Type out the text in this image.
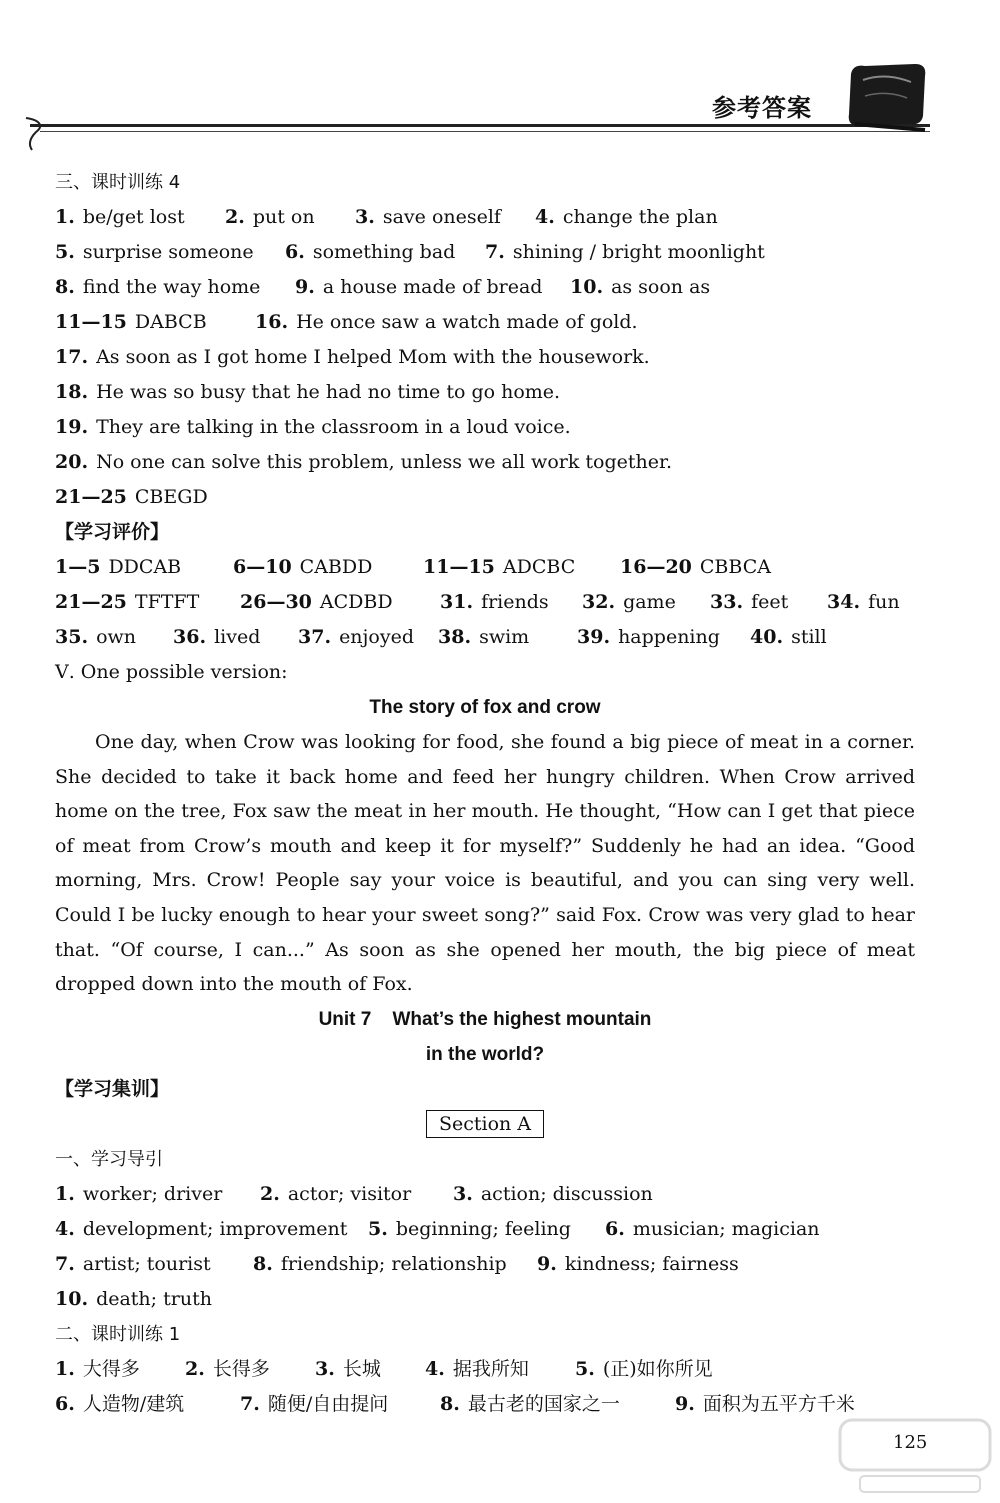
参考答案
三、课时训练 4
1. be/get lost 2. put on 3. save oneself 4. change the plan
5. surprise someone 6. something bad 7. shining / bright moonlight
8. find the way home 9. a house made of bread 10. as soon as
11—15 DABCB	16. He once saw a watch made of gold.
17. As soon as I got home I helped Mom with the housework.
18. He was so busy that he had no time to go home.
19. They are talking in the classroom in a loud voice.
20. No one can solve this problem, unless we all work together.
21—25 CBEGD
【学习评价】
1—5 DDCAB	6—10 CABDD	11—15 ADCBC 16—20 CBBCA
21—25 TFTFT 26—30 ACDBD 31. friends 32. game 33. feet 34. fun
35. own 36. lived 37. enjoyed 38. swim	39. happening 40. still
Ⅴ. One possible version:
The story of fox and crow
One day, when Crow was looking for food, she found a big piece of meat in a corner. She decided to take it back home and feed her hungry children. When Crow arrived home on the tree, Fox saw the meat in her mouth. He thought, “How can I get that piece of meat from Crow’s mouth and keep it for myself?” Suddenly he had an idea. “Good morning, Mrs. Crow! People say your voice is beautiful, and you can sing very well. Could I be lucky enough to hear your sweet song?” said Fox. Crow was very glad to hear that. “Of course, I can...” As soon as she opened her mouth, the big piece of meat dropped down into the mouth of Fox.
Unit 7    What’s the highest mountain
in the world?
【学习集训】
Section A
一、学习导引
1. worker; driver 2. actor; visitor 3. action; discussion
4. development; improvement 5. beginning; feeling 6. musician; magician
7. artist; tourist 8. friendship; relationship 9. kindness; fairness
10. death; truth
二、课时训练 1
1. 大得多 2. 长得多 3. 长城 4. 据我所知 5. (正)如你所见
6. 人造物/建筑	7. 随便/自由提问	8. 最古老的国家之一	9. 面积为五平方千米
125
